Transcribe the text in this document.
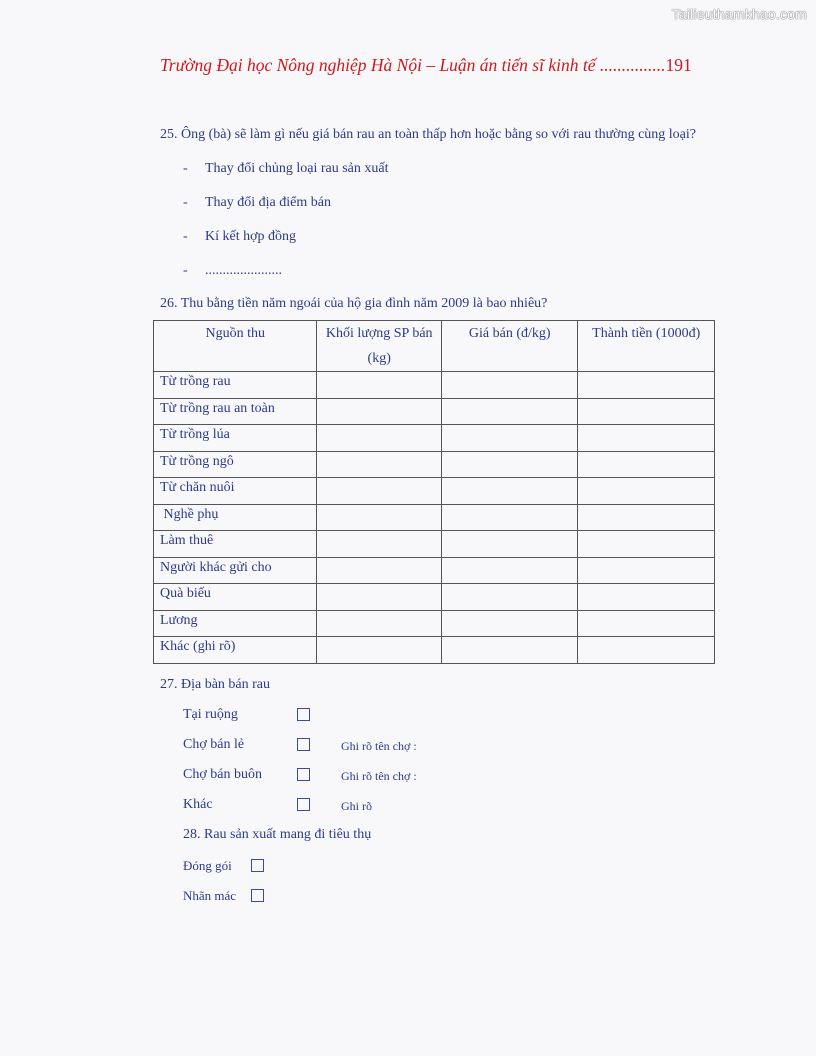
Tailieuthamkhao.com
Trường Đại học Nông nghiệp Hà Nội – Luận án tiến sĩ kinh tế ...............191
25. Ông (bà) sẽ làm gì nếu giá bán rau an toàn thấp hơn hoặc bằng so với rau thường cùng loại?
- Thay đổi chủng loại rau sản xuất
- Thay đổi địa điểm bán
- Kí kết hợp đồng
- ......................
26. Thu bằng tiền năm ngoái của hộ gia đình năm 2009 là bao nhiêu?
Nguồn thu	Khối lượng SP bán (kg)	Giá bán (đ/kg)	Thành tiền (1000đ)
Từ trồng rau			
Từ trồng rau an toàn			
Từ trồng lúa			
Từ trồng ngô			
Từ chăn nuôi			
Nghề phụ			
Làm thuê			
Người khác gửi cho			
Quà biếu			
Lương			
Khác (ghi rõ)			
27. Địa bàn bán rau
Tại ruộng
Chợ bán lẻ	Ghi rõ tên chợ :
Chợ bán buôn	Ghi rõ tên chợ :
Khác	Ghi rõ
28. Rau sản xuất mang đi tiêu thụ
Đóng gói
Nhãn mác
